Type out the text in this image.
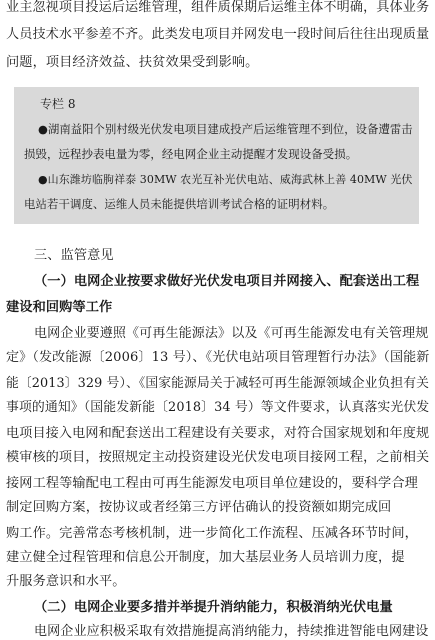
业主忽视项目投运后运维管理，组件质保期后运维主体不明确，具体业务
人员技术水平参差不齐。此类发电项目并网发电一段时间后往往出现质量
问题，项目经济效益、扶贫效果受到影响。
专栏 8
●湖南益阳个别村级光伏发电项目建成投产后运维管理不到位，设备遭雷击
损毁，远程抄表电量为零，经电网企业主动提醒才发现设备受损。
●山东潍坊临朐祥泰 30MW 农光互补光伏电站、威海武林上善 40MW 光伏
电站若干调度、运维人员未能提供培训考试合格的证明材料。
三、监管意见
（一）电网企业按要求做好光伏发电项目并网接入、配套送出工程
建设和回购等工作
电网企业要遵照《可再生能源法》以及《可再生能源发电有关管理规
定》（发改能源〔2006〕13 号）、《光伏电站项目管理暂行办法》（国能新
能〔2013〕329 号）、《国家能源局关于减轻可再生能源领域企业负担有关
事项的通知》（国能发新能〔2018〕34 号）等文件要求，认真落实光伏发
电项目接入电网和配套送出工程建设有关要求，对符合国家规划和年度规
模审核的项目，按照规定主动投资建设光伏发电项目接网工程，之前相关
接网工程等输配电工程由可再生能源发电项目单位建设的，要科学合理
制定回购方案，按协议或者经第三方评估确认的投资额如期完成回
购工作。完善常态考核机制，进一步简化工作流程、压减各环节时间，
建立健全过程管理和信息公开制度，加大基层业务人员培训力度，提
升服务意识和水平。
（二）电网企业要多措并举提升消纳能力，积极消纳光伏电量
电网企业应积极采取有效措施提高消纳能力，持续推进智能电网建设
